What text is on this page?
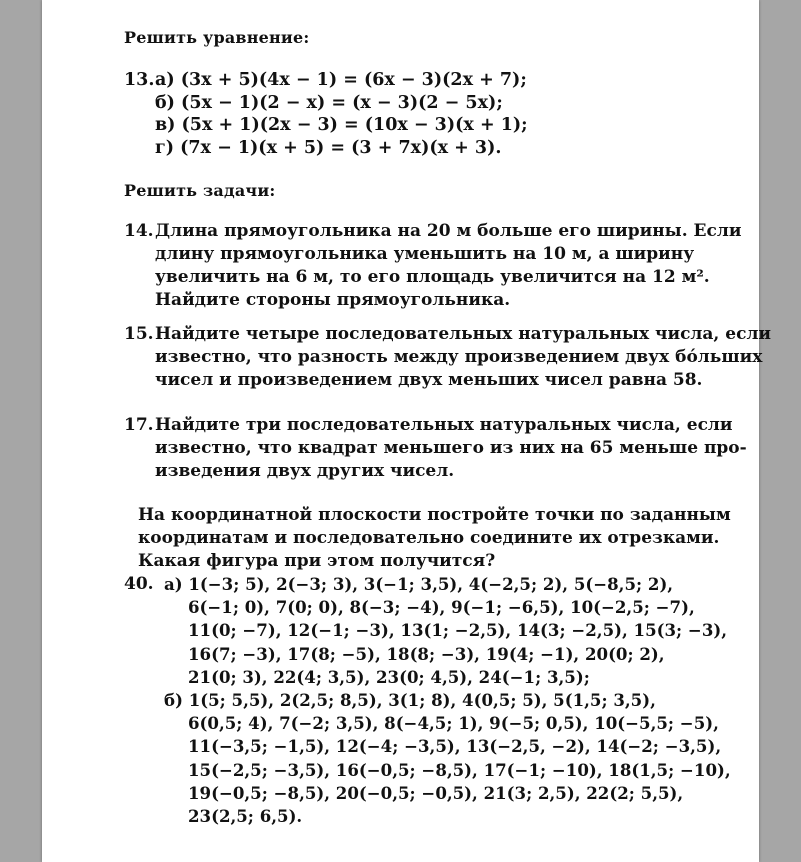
Решить уравнение:
13. а) (3x + 5)(4x − 1) = (6x − 3)(2x + 7);
б) (5x − 1)(2 − x) = (x − 3)(2 − 5x);
в) (5x + 1)(2x − 3) = (10x − 3)(x + 1);
г) (7x − 1)(x + 5) = (3 + 7x)(x + 3).
Решить задачи:
14. Длина прямоугольника на 20 м больше его ширины. Если
длину прямоугольника уменьшить на 10 м, а ширину
увеличить на 6 м, то его площадь увеличится на 12 м².
Найдите стороны прямоугольника.
15. Найдите четыре последовательных натуральных числа, если
известно, что разность между произведением двух бо́льших
чисел и произведением двух меньших чисел равна 58.
17. Найдите три последовательных натуральных числа, если
известно, что квадрат меньшего из них на 65 меньше про-
изведения двух других чисел.
На координатной плоскости постройте точки по заданным
координатам и последовательно соедините их отрезками.
Какая фигура при этом получится?
40. а) 1(−3; 5), 2(−3; 3), 3(−1; 3,5), 4(−2,5; 2), 5(−8,5; 2),
6(−1; 0), 7(0; 0), 8(−3; −4), 9(−1; −6,5), 10(−2,5; −7),
11(0; −7), 12(−1; −3), 13(1; −2,5), 14(3; −2,5), 15(3; −3),
16(7; −3), 17(8; −5), 18(8; −3), 19(4; −1), 20(0; 2),
21(0; 3), 22(4; 3,5), 23(0; 4,5), 24(−1; 3,5);
б) 1(5; 5,5), 2(2,5; 8,5), 3(1; 8), 4(0,5; 5), 5(1,5; 3,5),
6(0,5; 4), 7(−2; 3,5), 8(−4,5; 1), 9(−5; 0,5), 10(−5,5; −5),
11(−3,5; −1,5), 12(−4; −3,5), 13(−2,5, −2), 14(−2; −3,5),
15(−2,5; −3,5), 16(−0,5; −8,5), 17(−1; −10), 18(1,5; −10),
19(−0,5; −8,5), 20(−0,5; −0,5), 21(3; 2,5), 22(2; 5,5),
23(2,5; 6,5).
